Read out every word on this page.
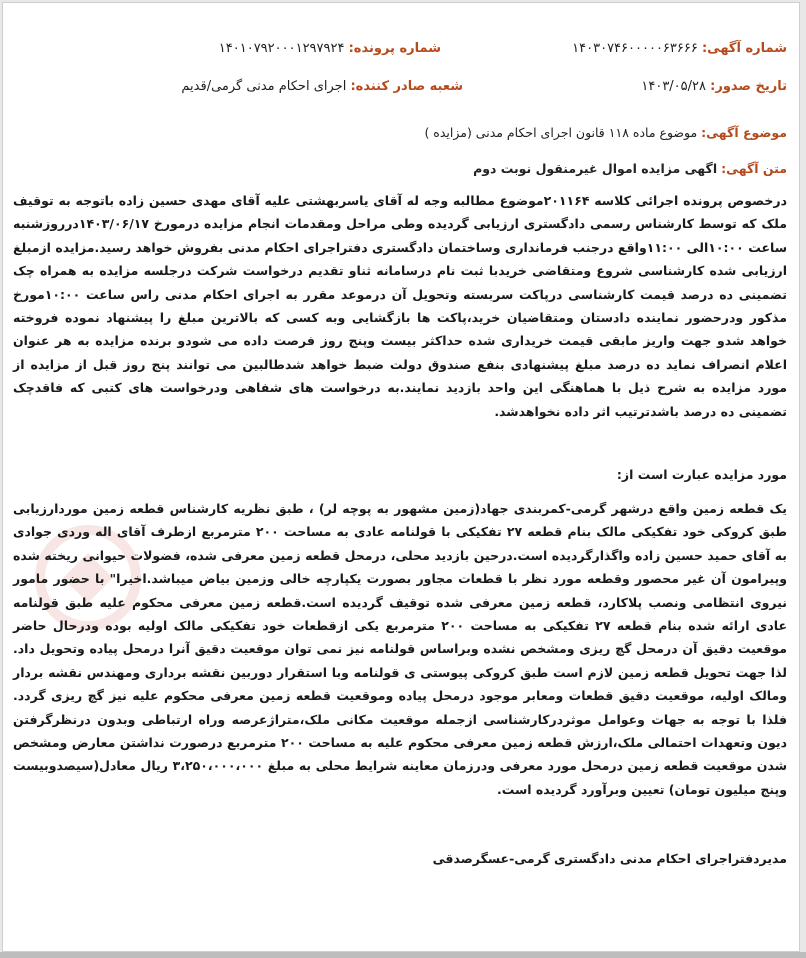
شماره آگهی: ۱۴۰۳۰۷۴۶۰۰۰۰۰۶۳۶۶۶
شماره پرونده: ۱۴۰۱۰۷۹۲۰۰۰۱۲۹۷۹۲۴
تاریخ صدور: ۱۴۰۳/۰۵/۲۸
شعبه صادر کننده: اجرای احکام مدنی گرمی/قدیم
موضوع آگهی: موضوع ماده ۱۱۸ قانون اجرای احکام مدنی (مزایده )
متن آگهی: اگهی مزایده اموال غیرمنقول نوبت دوم
درخصوص پرونده اجرائی کلاسه ۲۰۱۱۶۴موضوع مطالبه وجه له آقای یاسربهشتی علیه آقای مهدی حسین زاده باتوجه به توقیف ملک که توسط کارشناس رسمی دادگستری ارزیابی گردیده وطی مراحل ومقدمات انجام مزایده درمورخ ۱۴۰۳/۰۶/۱۷درروزشنبه ساعت ۱۰:۰۰الی ۱۱:۰۰واقع درجنب فرمانداری وساختمان دادگستری دفتراجرای احکام مدنی بفروش خواهد رسید.مزایده ازمبلغ ارزیابی شده کارشناسی شروع ومتقاضی خریدبا ثبت نام درسامانه ثناو تقدیم درخواست شرکت درجلسه مزایده به همراه چک تضمینی ده درصد قیمت کارشناسی درپاکت سربسته وتحویل آن درموعد مقرر به اجرای احکام مدنی راس ساعت ۱۰:۰۰مورخ مذکور ودرحضور نماینده دادستان ومتقاضیان خرید،پاکت ها بازگشایی وبه کسی که بالاترین مبلغ را پیشنهاد نموده فروخته خواهد شدو جهت واریز مابقی قیمت خریداری شده حداکثر بیست وپنج روز فرصت داده می شودو برنده مزایده به هر عنوان اعلام انصراف نماید ده درصد مبلغ پیشنهادی بنفع صندوق دولت ضبط خواهد شدطالبین می توانند پنج روز قبل از مزایده از مورد مزایده به شرح ذیل با هماهنگی این واحد بازدید نمایند.به درخواست های شفاهی ودرخواست های کتبی که فاقدچک تضمینی ده درصد باشدترتیب اثر داده نخواهدشد.
مورد مزایده عبارت است از:
یک قطعه زمین واقع درشهر گرمی-کمربندی جهاد(زمین مشهور به پوچه لر) ، طبق نظریه کارشناس قطعه زمین موردارزیابی طبق کروکی خود تفکیکی مالک بنام قطعه ۲۷ تفکیکی با قولنامه عادی به مساحت ۲۰۰ مترمربع ازطرف آقای اله وردی جوادی به آقای حمید حسین زاده واگذارگردیده است.درحین بازدید محلی، درمحل قطعه زمین معرفی شده، فضولات حیوانی ریخته شده وپیرامون آن غیر محصور وقطعه مورد نظر با قطعات مجاور بصورت یکپارچه خالی وزمین بیاض میباشد.اخیرا" با حضور مامور نیروی انتظامی ونصب پلاکارد، قطعه زمین معرفی شده توقیف گردیده است.قطعه زمین معرفی محکوم علیه طبق قولنامه عادی ارائه شده بنام قطعه ۲۷ تفکیکی به مساحت ۲۰۰ مترمربع یکی ازقطعات خود تفکیکی مالک اولیه بوده ودرحال حاضر موقعیت دقیق آن درمحل گچ ریزی ومشخص نشده وبراساس قولنامه نیز نمی توان موقعیت دقیق آنرا درمحل پیاده وتحویل داد. لذا جهت تحویل قطعه زمین لازم است طبق کروکی پیوستی ی قولنامه وبا استقرار دوربین نقشه برداری ومهندس نقشه بردار ومالک اولیه، موقعیت دقیق قطعات ومعابر موجود درمحل پیاده وموقعیت قطعه زمین معرفی محکوم علیه نیز گچ ریزی گردد. فلذا با توجه به جهات وعوامل موثردرکارشناسی ازجمله موقعیت مکانی ملک،متراژعرصه وراه ارتباطی وبدون درنظرگرفتن دیون وتعهدات احتمالی ملک،ارزش قطعه زمین معرفی محکوم علیه به مساحت ۲۰۰ مترمربع درصورت نداشتن معارض ومشخص شدن موقعیت قطعه زمین درمحل مورد معرفی ودرزمان معاینه شرایط محلی به مبلغ ۳،۲۵۰،۰۰۰،۰۰۰ ریال معادل(سیصدوبیست وپنج میلیون تومان) تعیین وبرآورد گردیده است.
مدیردفتراجرای احکام مدنی دادگستری گرمی-عسگرصدقی
